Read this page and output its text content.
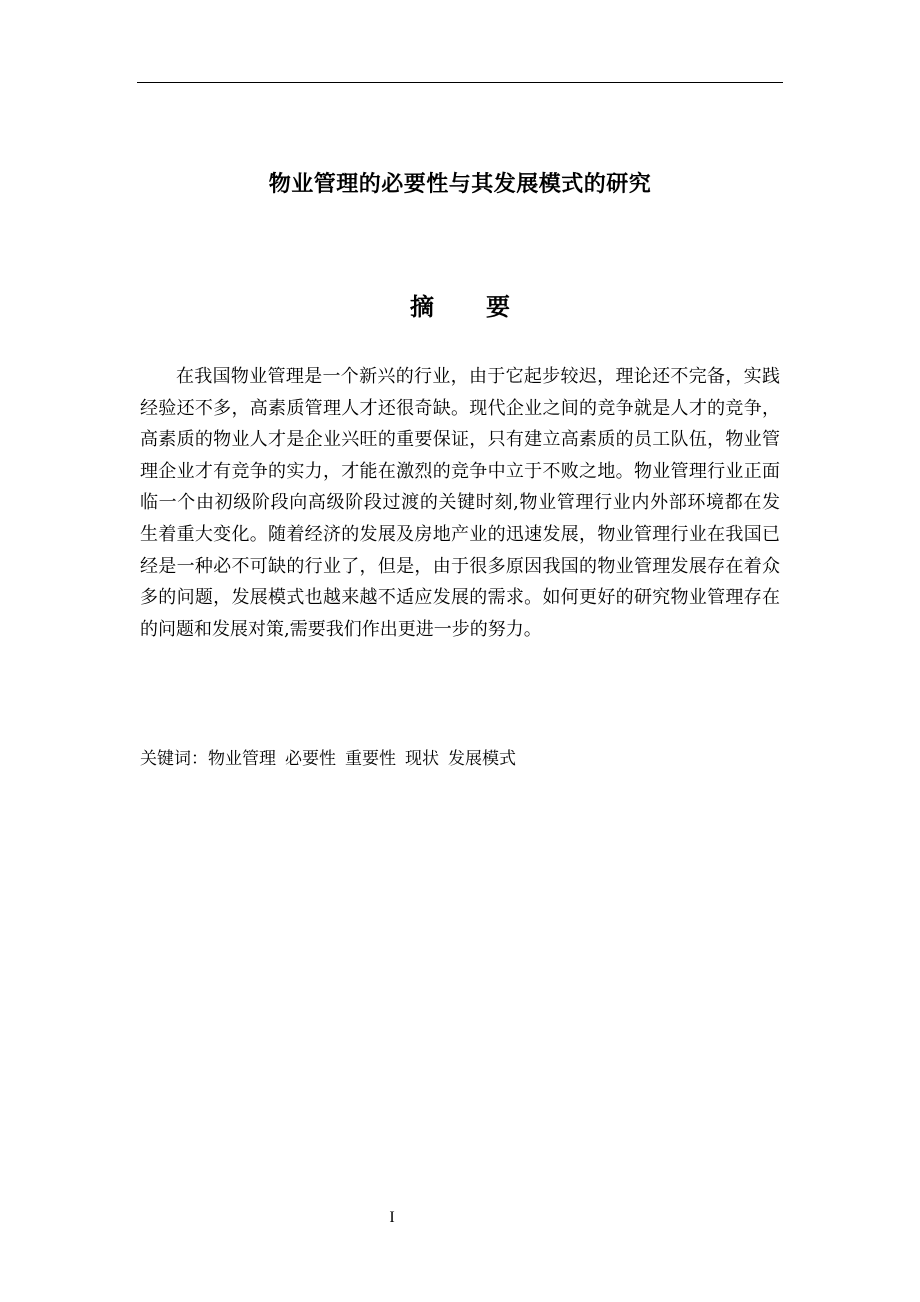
物业管理的必要性与其发展模式的研究
摘 要
在我国物业管理是一个新兴的行业，由于它起步较迟，理论还不完备，实践
经验还不多，高素质管理人才还很奇缺。现代企业之间的竞争就是人才的竞争，
高素质的物业人才是企业兴旺的重要保证，只有建立高素质的员工队伍，物业管
理企业才有竞争的实力，才能在激烈的竞争中立于不败之地。物业管理行业正面
临一个由初级阶段向高级阶段过渡的关键时刻,物业管理行业内外部环境都在发
生着重大变化。随着经济的发展及房地产业的迅速发展，物业管理行业在我国已
经是一种必不可缺的行业了，但是，由于很多原因我国的物业管理发展存在着众
多的问题，发展模式也越来越不适应发展的需求。如何更好的研究物业管理存在
的问题和发展对策,需要我们作出更进一步的努力。

关键词：物业管理 必要性 重要性 现状 发展模式

I
